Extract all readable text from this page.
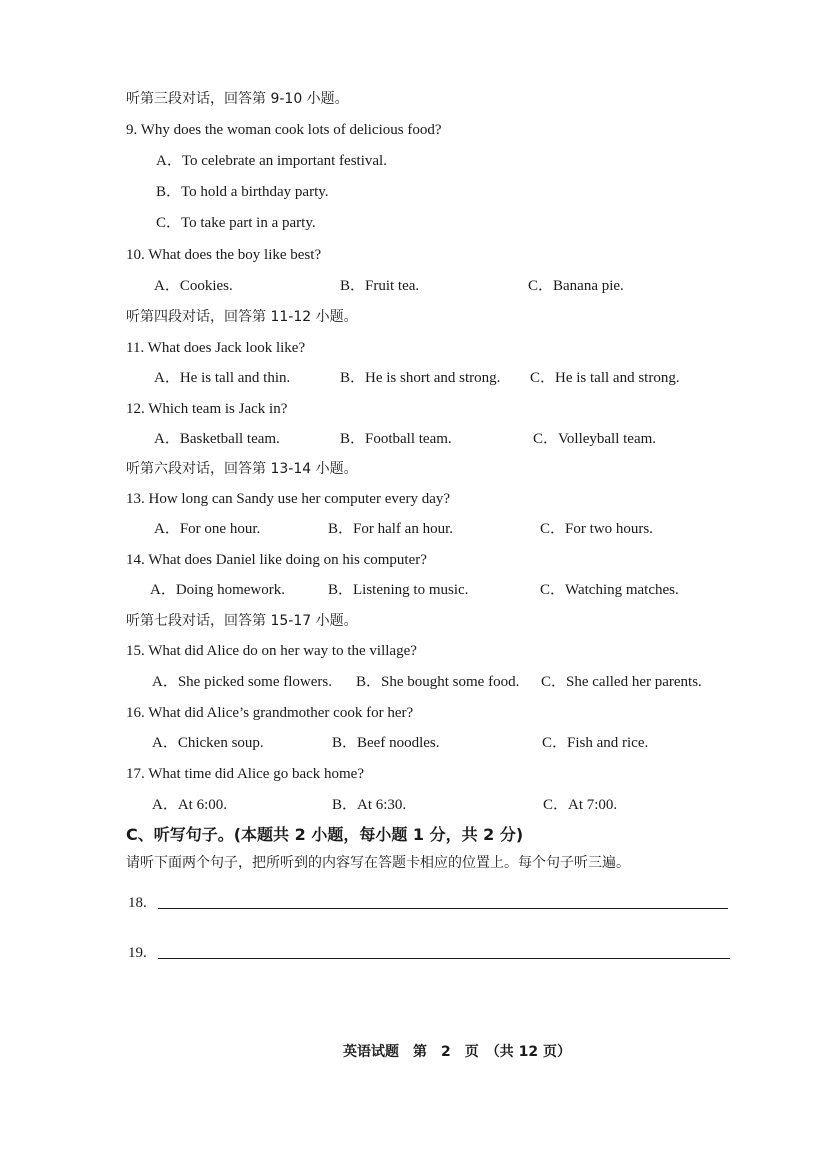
听第三段对话，回答第 9-10 小题。
9. Why does the woman cook lots of delicious food?
A．To celebrate an important festival.
B．To hold a birthday party.
C．To take part in a party.
10. What does the boy like best?
A．Cookies.	B．Fruit tea.	C．Banana pie.
听第四段对话，回答第 11-12 小题。
11. What does Jack look like?
A．He is tall and thin.	B．He is short and strong. C．He is tall and strong.
12. Which team is Jack in?
A．Basketball team.	B．Football team.	C．Volleyball team.
听第六段对话，回答第 13-14 小题。
13. How long can Sandy use her computer every day?
A．For one hour.	B．For half an hour.	C．For two hours.
14. What does Daniel like doing on his computer?
A．Doing homework.	B．Listening to music.	C．Watching matches.
听第七段对话，回答第 15-17 小题。
15. What did Alice do on her way to the village?
A．She picked some flowers. B．She bought some food. C．She called her parents.
16. What did Alice’s grandmother cook for her?
A．Chicken soup.	B．Beef noodles.	C．Fish and rice.
17. What time did Alice go back home?
A．At 6:00.	B．At 6:30.	C．At 7:00.
C、听写句子。(本题共 2 小题，每小题 1 分，共 2 分)
请听下面两个句子，把所听到的内容写在答题卡相应的位置上。每个句子听三遍。
18.
19.
英语试题　第　2　页　（共 12 页）
